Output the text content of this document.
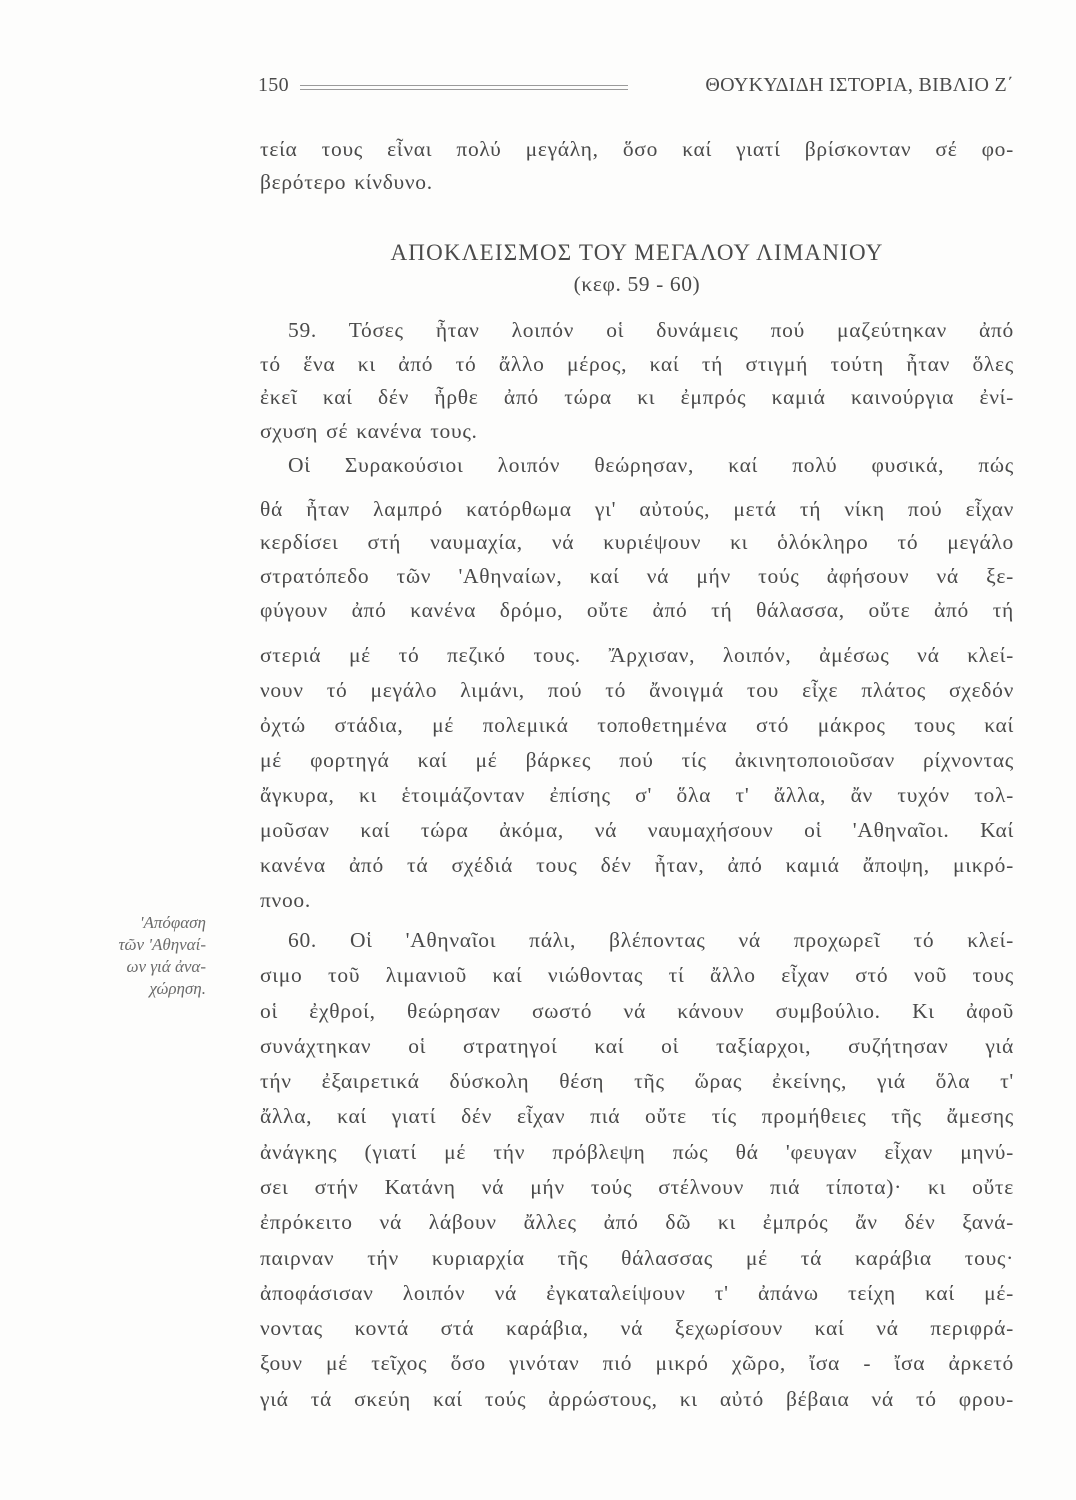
150	ΘΟΥΚΥΔΙΔΗ ΙΣΤΟΡΙΑ, ΒΙΒΛΙΟ Ζ΄
τεία τους εἶναι πολύ μεγάλη, ὅσο καί γιατί βρίσκονταν σέ φο-
βερότερο κίνδυνο.
ΑΠΟΚΛΕΙΣΜΟΣ ΤΟΥ ΜΕΓΑΛΟΥ ΛΙΜΑΝΙΟΥ
(κεφ. 59 - 60)
59. Τόσες ἦταν λοιπόν οἱ δυνάμεις πού μαζεύτηκαν ἀπό
τό ἕνα κι ἀπό τό ἄλλο μέρος, καί τή στιγμή τούτη ἦταν ὅλες
ἐκεῖ καί δέν ἦρθε ἀπό τώρα κι ἐμπρός καμιά καινούργια ἐνί-
σχυση σέ κανένα τους.
Οἱ Συρακούσιοι λοιπόν θεώρησαν, καί πολύ φυσικά, πώς
θά ἦταν λαμπρό κατόρθωμα γι' αὐτούς, μετά τή νίκη πού εἶχαν
κερδίσει στή ναυμαχία, νά κυριέψουν κι ὁλόκληρο τό μεγάλο
στρατόπεδο τῶν 'Αθηναίων, καί νά μήν τούς ἀφήσουν νά ξε-
φύγουν ἀπό κανένα δρόμο, οὔτε ἀπό τή θάλασσα, οὔτε ἀπό τή
στεριά μέ τό πεζικό τους. Ἄρχισαν, λοιπόν, ἀμέσως νά κλεί-
νουν τό μεγάλο λιμάνι, πού τό ἄνοιγμά του εἶχε πλάτος σχεδόν
ὀχτώ στάδια, μέ πολεμικά τοποθετημένα στό μάκρος τους καί
μέ φορτηγά καί μέ βάρκες πού τίς ἀκινητοποιοῦσαν ρίχνοντας
ἄγκυρα, κι ἑτοιμάζονταν ἐπίσης σ' ὅλα τ' ἄλλα, ἄν τυχόν τολ-
μοῦσαν καί τώρα ἀκόμα, νά ναυμαχήσουν οἱ 'Αθηναῖοι. Καί
κανένα ἀπό τά σχέδιά τους δέν ἦταν, ἀπό καμιά ἄποψη, μικρό-
πνοο.
'Απόφαση
τῶν 'Αθηναί-
ων γιά ἀνα-
χώρηση.
60. Οἱ 'Αθηναῖοι πάλι, βλέποντας νά προχωρεῖ τό κλεί-
σιμο τοῦ λιμανιοῦ καί νιώθοντας τί ἄλλο εἶχαν στό νοῦ τους
οἱ ἐχθροί, θεώρησαν σωστό νά κάνουν συμβούλιο. Κι ἀφοῦ
συνάχτηκαν οἱ στρατηγοί καί οἱ ταξίαρχοι, συζήτησαν γιά
τήν ἐξαιρετικά δύσκολη θέση τῆς ὥρας ἐκείνης, γιά ὅλα τ'
ἄλλα, καί γιατί δέν εἶχαν πιά οὔτε τίς προμήθειες τῆς ἄμεσης
ἀνάγκης (γιατί μέ τήν πρόβλεψη πώς θά 'φευγαν εἶχαν μηνύ-
σει στήν Κατάνη νά μήν τούς στέλνουν πιά τίποτα)· κι οὔτε
ἐπρόκειτο νά λάβουν ἄλλες ἀπό δῶ κι ἐμπρός ἄν δέν ξανά-
παιρναν τήν κυριαρχία τῆς θάλασσας μέ τά καράβια τους·
ἀποφάσισαν λοιπόν νά ἐγκαταλείψουν τ' ἀπάνω τείχη καί μέ-
νοντας κοντά στά καράβια, νά ξεχωρίσουν καί νά περιφρά-
ξουν μέ τεῖχος ὅσο γινόταν πιό μικρό χῶρο, ἴσα - ἴσα ἀρκετό
γιά τά σκεύη καί τούς ἀρρώστους, κι αὐτό βέβαια νά τό φρου-
